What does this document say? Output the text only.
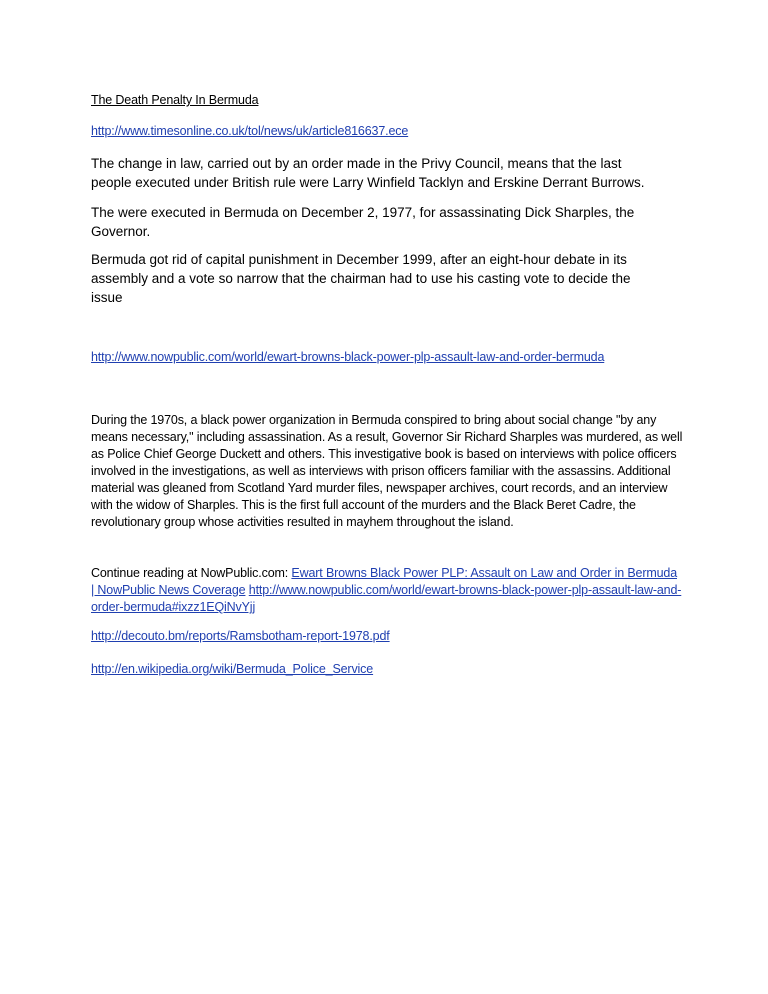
The Death Penalty In Bermuda

http://www.timesonline.co.uk/tol/news/uk/article816637.ece

The change in law, carried out by an order made in the Privy Council, means that the last people executed under British rule were Larry Winfield Tacklyn and Erskine Derrant Burrows.

The were executed in Bermuda on December 2, 1977, for assassinating Dick Sharples, the Governor.

Bermuda got rid of capital punishment in December 1999, after an eight-hour debate in its assembly and a vote so narrow that the chairman had to use his casting vote to decide the issue

http://www.nowpublic.com/world/ewart-browns-black-power-plp-assault-law-and-order-bermuda

During the 1970s, a black power organization in Bermuda conspired to bring about social change "by any means necessary," including assassination. As a result, Governor Sir Richard Sharples was murdered, as well as Police Chief George Duckett and others. This investigative book is based on interviews with police officers involved in the investigations, as well as interviews with prison officers familiar with the assassins. Additional material was gleaned from Scotland Yard murder files, newspaper archives, court records, and an interview with the widow of Sharples. This is the first full account of the murders and the Black Beret Cadre, the revolutionary group whose activities resulted in mayhem throughout the island.

Continue reading at NowPublic.com: Ewart Browns Black Power PLP: Assault on Law and Order in Bermuda | NowPublic News Coverage http://www.nowpublic.com/world/ewart-browns-black-power-plp-assault-law-and-order-bermuda#ixzz1EQiNvYjj

http://decouto.bm/reports/Ramsbotham-report-1978.pdf

http://en.wikipedia.org/wiki/Bermuda_Police_Service
